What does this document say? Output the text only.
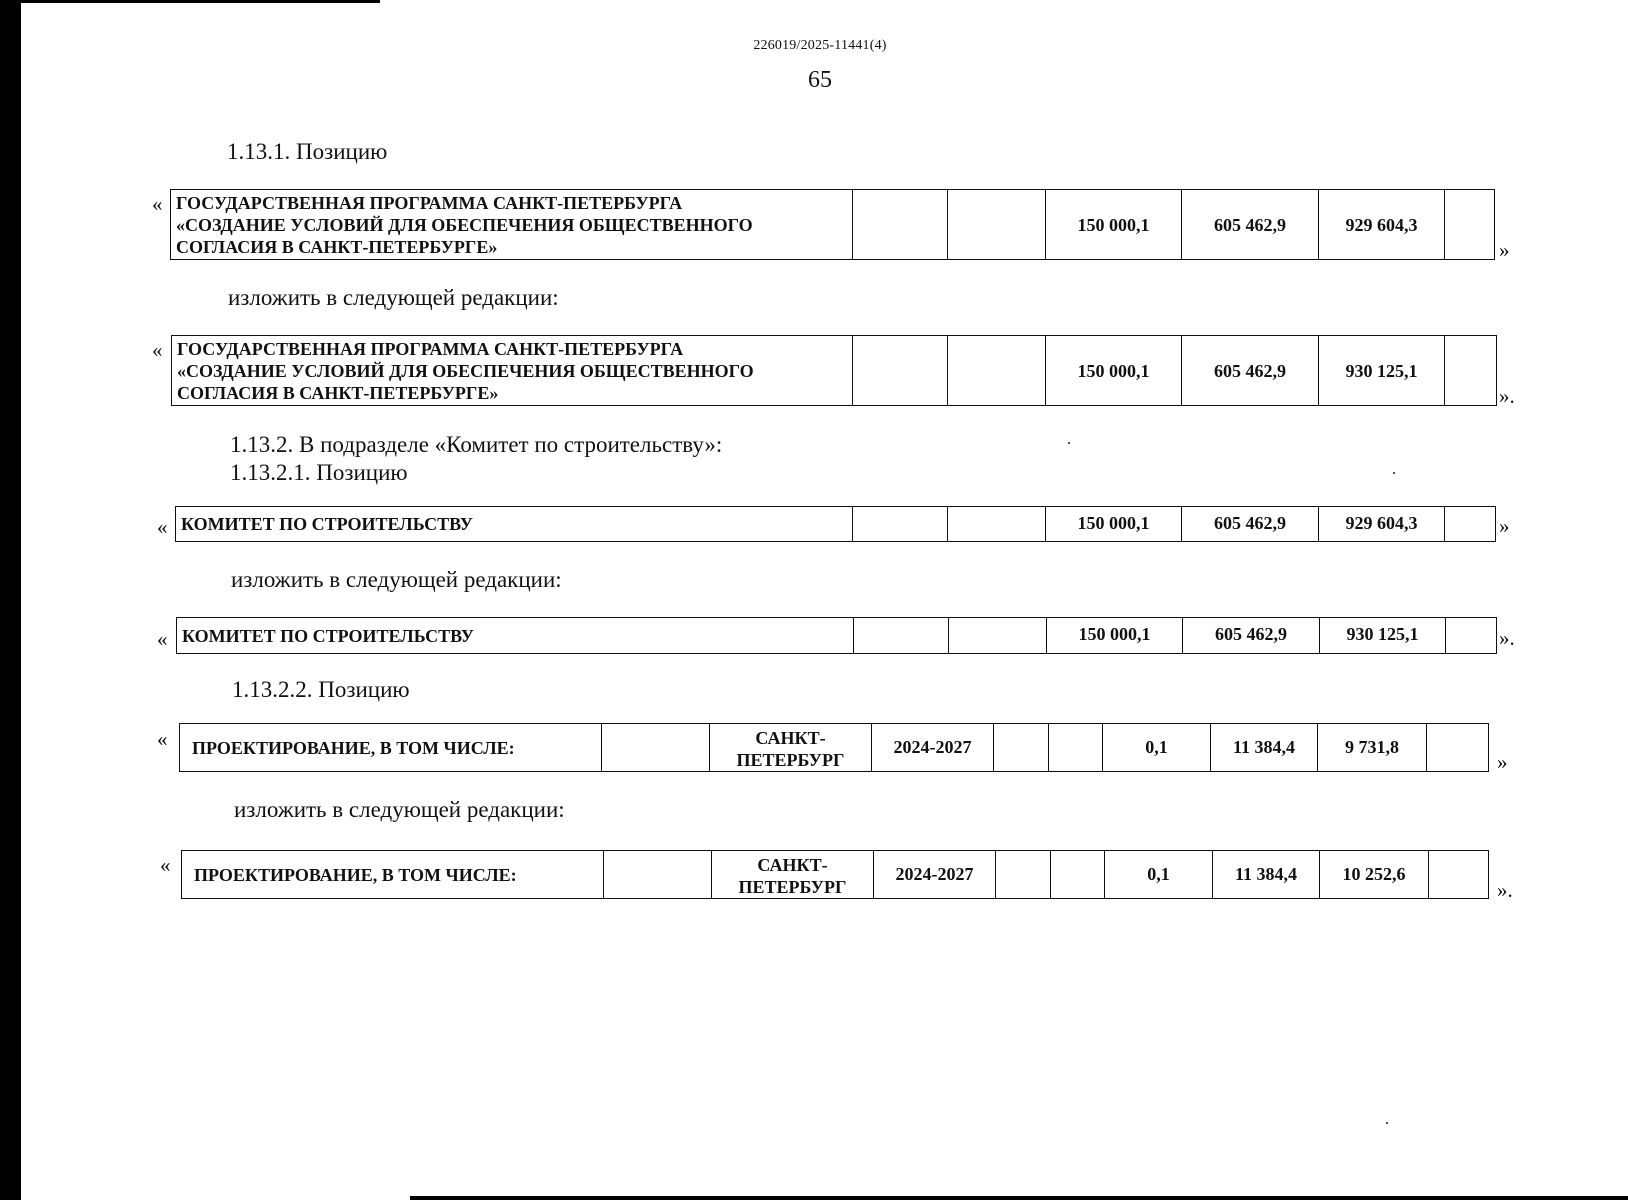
226019/2025-11441(4)
65
1.13.1. Позицию
« ГОСУДАРСТВЕННАЯ ПРОГРАММА САНКТ-ПЕТЕРБУРГА
«СОЗДАНИЕ УСЛОВИЙ ДЛЯ ОБЕСПЕЧЕНИЯ ОБЩЕСТВЕННОГО
СОГЛАСИЯ В САНКТ-ПЕТЕРБУРГЕ»
			150 000,1	605 462,9	929 604,3	
»
изложить в следующей редакции:
« ГОСУДАРСТВЕННАЯ ПРОГРАММА САНКТ-ПЕТЕРБУРГА
«СОЗДАНИЕ УСЛОВИЙ ДЛЯ ОБЕСПЕЧЕНИЯ ОБЩЕСТВЕННОГО
СОГЛАСИЯ В САНКТ-ПЕТЕРБУРГЕ»
			150 000,1	605 462,9	930 125,1	
».
1.13.2. В подразделе «Комитет по строительству»:
1.13.2.1. Позицию
« КОМИТЕТ ПО СТРОИТЕЛЬСТВУ			150 000,1	605 462,9	929 604,3		»
изложить в следующей редакции:
« КОМИТЕТ ПО СТРОИТЕЛЬСТВУ			150 000,1	605 462,9	930 125,1		».
1.13.2.2. Позицию
« ПРОЕКТИРОВАНИЕ, В ТОМ ЧИСЛЕ:		САНКТ-
ПЕТЕРБУРГ
	2024-2027			0,1	11 384,4	9 731,8	
»
изложить в следующей редакции:
« ПРОЕКТИРОВАНИЕ, В ТОМ ЧИСЛЕ:		САНКТ-
ПЕТЕРБУРГ
	2024-2027			0,1	11 384,4	10 252,6	
».
